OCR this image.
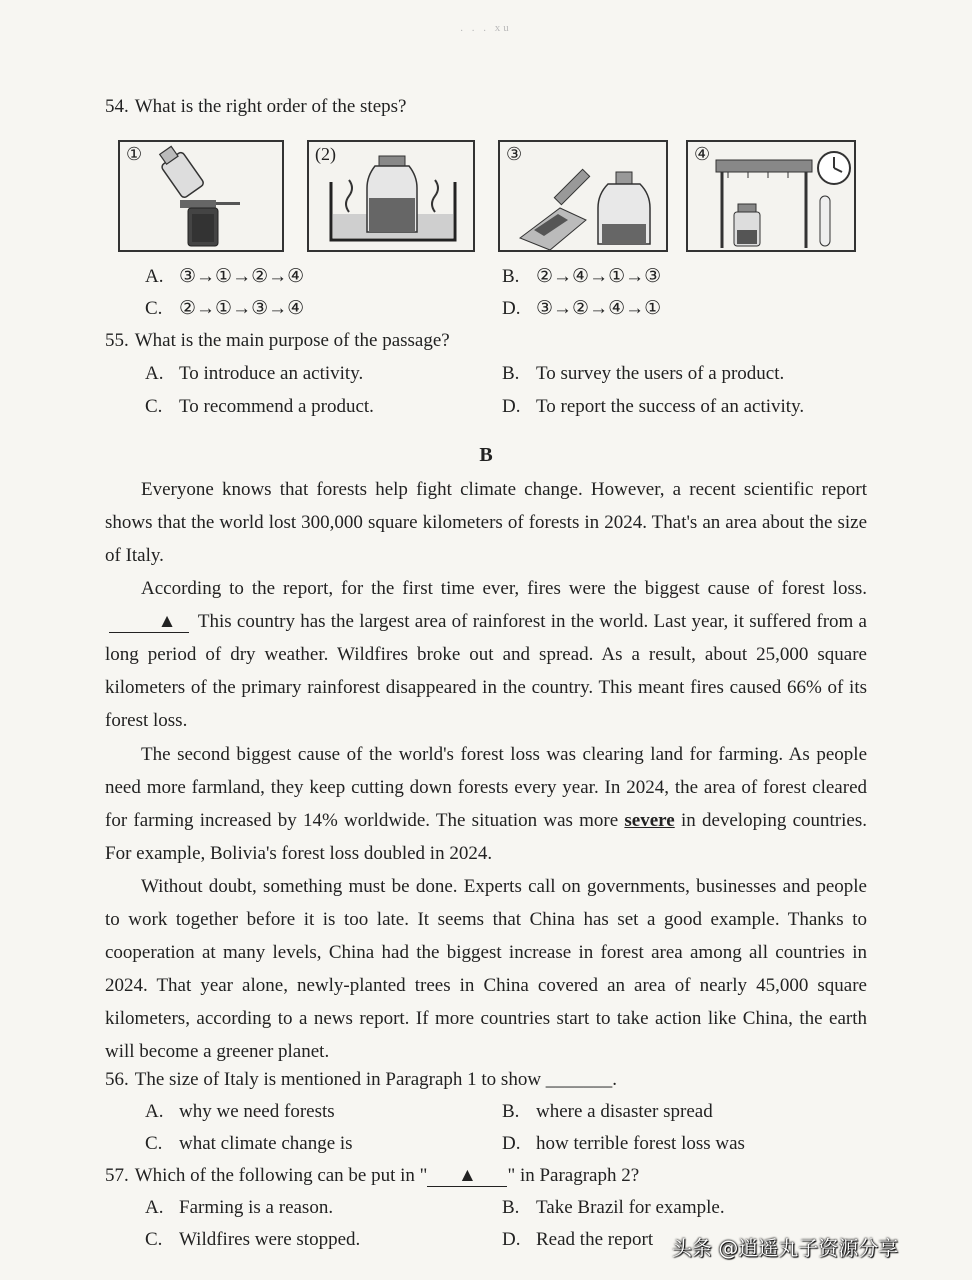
. . . xu
54. What is the right order of the steps?
①	(2)	③	④
A. ③→①→②→④	B. ②→④→①→③
C. ②→①→③→④	D. ③→②→④→①
55. What is the main purpose of the passage?
A. To introduce an activity.	B. To survey the users of a product.
C. To recommend a product.	D. To report the success of an activity.
B
Everyone knows that forests help fight climate change. However, a recent scientific report shows that the world lost 300,000 square kilometers of forests in 2024. That's an area about the size of Italy.
According to the report, for the first time ever, fires were the biggest cause of forest loss. ▲ This country has the largest area of rainforest in the world. Last year, it suffered from a long period of dry weather. Wildfires broke out and spread. As a result, about 25,000 square kilometers of the primary rainforest disappeared in the country. This meant fires caused 66% of its forest loss.
The second biggest cause of the world's forest loss was clearing land for farming. As people need more farmland, they keep cutting down forests every year. In 2024, the area of forest cleared for farming increased by 14% worldwide. The situation was more severe in developing countries. For example, Bolivia's forest loss doubled in 2024.
Without doubt, something must be done. Experts call on governments, businesses and people to work together before it is too late. It seems that China has set a good example. Thanks to cooperation at many levels, China had the biggest increase in forest area among all countries in 2024. That year alone, newly-planted trees in China covered an area of nearly 45,000 square kilometers, according to a news report. If more countries start to take action like China, the earth will become a greener planet.
56. The size of Italy is mentioned in Paragraph 1 to show _______.
A. why we need forests	B. where a disaster spread
C. what climate change is	D. how terrible forest loss was
57. Which of the following can be put in " ▲ " in Paragraph 2?
A. Farming is a reason.	B. Take Brazil for example.
C. Wildfires were stopped.	D. Read the report 头条 @逍遥丸子资源分享
